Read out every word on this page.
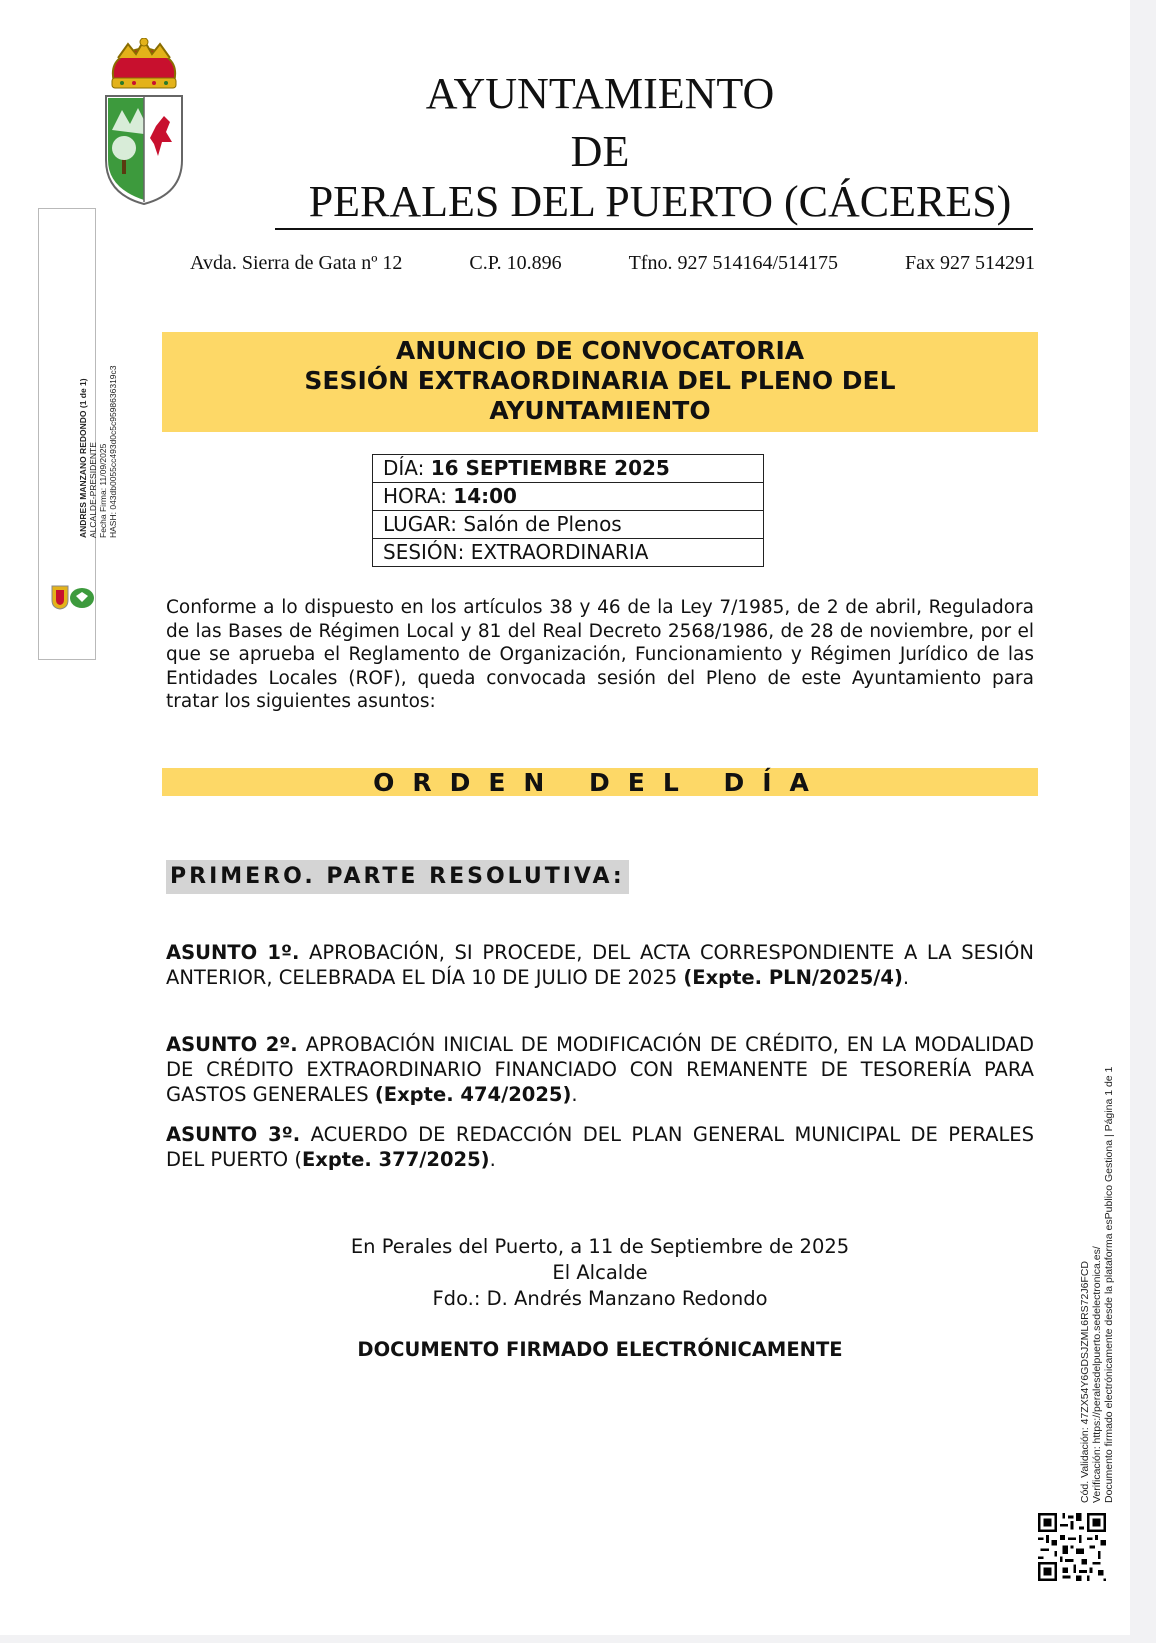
AYUNTAMIENTO
DE
PERALES DEL PUERTO (CÁCERES)
Avda. Sierra de Gata nº 12	C.P. 10.896	Tfno. 927 514164/514175	Fax 927 514291
ANDRES MANZANO REDONDO (1 de 1) ALCALDE-PRESIDENTE Fecha Firma: 11/09/2025 HASH: 043db0055cc493d0c5c9598636319c3
ANUNCIO DE CONVOCATORIA
SESIÓN EXTRAORDINARIA DEL PLENO DEL
AYUNTAMIENTO
DÍA: 16 SEPTIEMBRE 2025
HORA: 14:00
LUGAR: Salón de Plenos
SESIÓN: EXTRAORDINARIA
Conforme a lo dispuesto en los artículos 38 y 46 de la Ley 7/1985, de 2 de abril, Reguladora de las Bases de Régimen Local y 81 del Real Decreto 2568/1986, de 28 de noviembre, por el que se aprueba el Reglamento de Organización, Funcionamiento y Régimen Jurídico de las Entidades Locales (ROF), queda convocada sesión del Pleno de este Ayuntamiento para tratar los siguientes asuntos:
ORDEN DEL DÍA
PRIMERO. PARTE RESOLUTIVA:
ASUNTO 1º. APROBACIÓN, SI PROCEDE, DEL ACTA CORRESPONDIENTE A LA SESIÓN ANTERIOR, CELEBRADA EL DÍA 10 DE JULIO DE 2025 (Expte. PLN/2025/4).
ASUNTO 2º. APROBACIÓN INICIAL DE MODIFICACIÓN DE CRÉDITO, EN LA MODALIDAD DE CRÉDITO EXTRAORDINARIO FINANCIADO CON REMANENTE DE TESORERÍA PARA GASTOS GENERALES (Expte. 474/2025).
ASUNTO 3º. ACUERDO DE REDACCIÓN DEL PLAN GENERAL MUNICIPAL DE PERALES DEL PUERTO (Expte. 377/2025).
En Perales del Puerto, a 11 de Septiembre de 2025
El Alcalde
Fdo.: D. Andrés Manzano Redondo
DOCUMENTO FIRMADO ELECTRÓNICAMENTE	Cód. Validación: 47ZX54Y6GDSJZML6RS72J6FCD Verificación: https://peralesdelpuerto.sedelectronica.es/ Documento firmado electrónicamente desde la plataforma esPublico Gestiona | Página 1 de 1
